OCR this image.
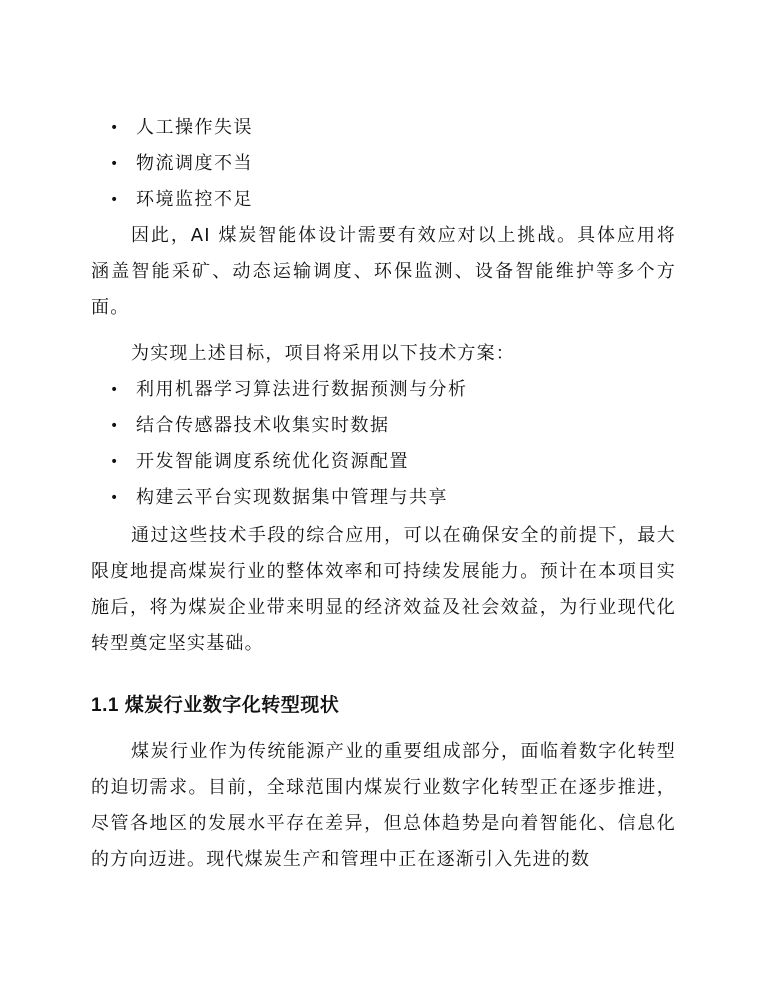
• 人工操作失误
• 物流调度不当
• 环境监控不足

因此，AI 煤炭智能体设计需要有效应对以上挑战。具体应用将涵盖智能采矿、动态运输调度、环保监测、设备智能维护等多个方面。

为实现上述目标，项目将采用以下技术方案：

• 利用机器学习算法进行数据预测与分析
• 结合传感器技术收集实时数据
• 开发智能调度系统优化资源配置
• 构建云平台实现数据集中管理与共享

通过这些技术手段的综合应用，可以在确保安全的前提下，最大限度地提高煤炭行业的整体效率和可持续发展能力。预计在本项目实施后，将为煤炭企业带来明显的经济效益及社会效益，为行业现代化转型奠定坚实基础。

1.1 煤炭行业数字化转型现状

煤炭行业作为传统能源产业的重要组成部分，面临着数字化转型的迫切需求。目前，全球范围内煤炭行业数字化转型正在逐步推进，尽管各地区的发展水平存在差异，但总体趋势是向着智能化、信息化的方向迈进。现代煤炭生产和管理中正在逐渐引入先进的数
